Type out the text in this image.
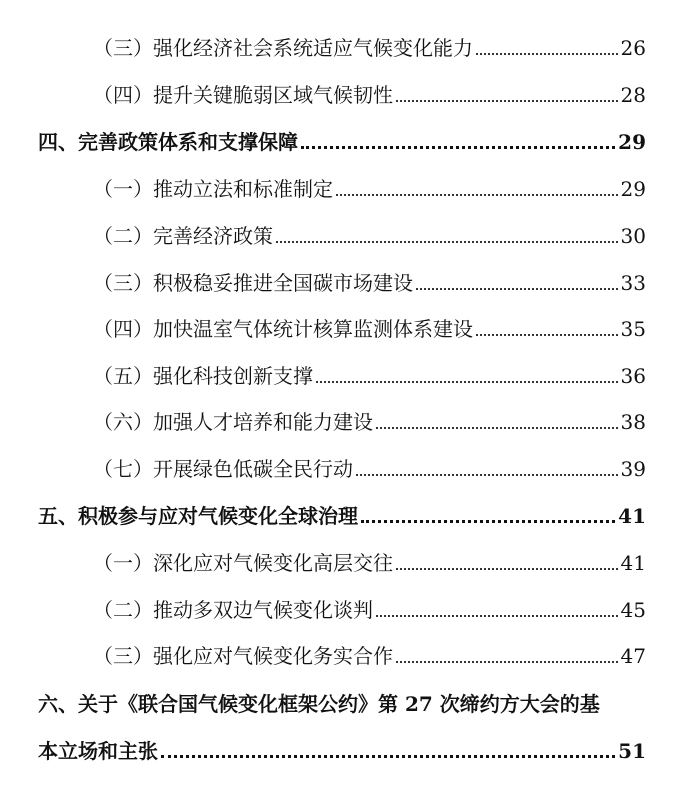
（三）强化经济社会系统适应气候变化能力	26
（四）提升关键脆弱区域气候韧性	28
四、完善政策体系和支撑保障	29
（一）推动立法和标准制定	29
（二）完善经济政策	30
（三）积极稳妥推进全国碳市场建设	33
（四）加快温室气体统计核算监测体系建设	35
（五）强化科技创新支撑	36
（六）加强人才培养和能力建设	38
（七）开展绿色低碳全民行动	39
五、积极参与应对气候变化全球治理	41
（一）深化应对气候变化高层交往	41
（二）推动多双边气候变化谈判	45
（三）强化应对气候变化务实合作	47
六、关于《联合国气候变化框架公约》第 27 次缔约方大会的基
本立场和主张	51
